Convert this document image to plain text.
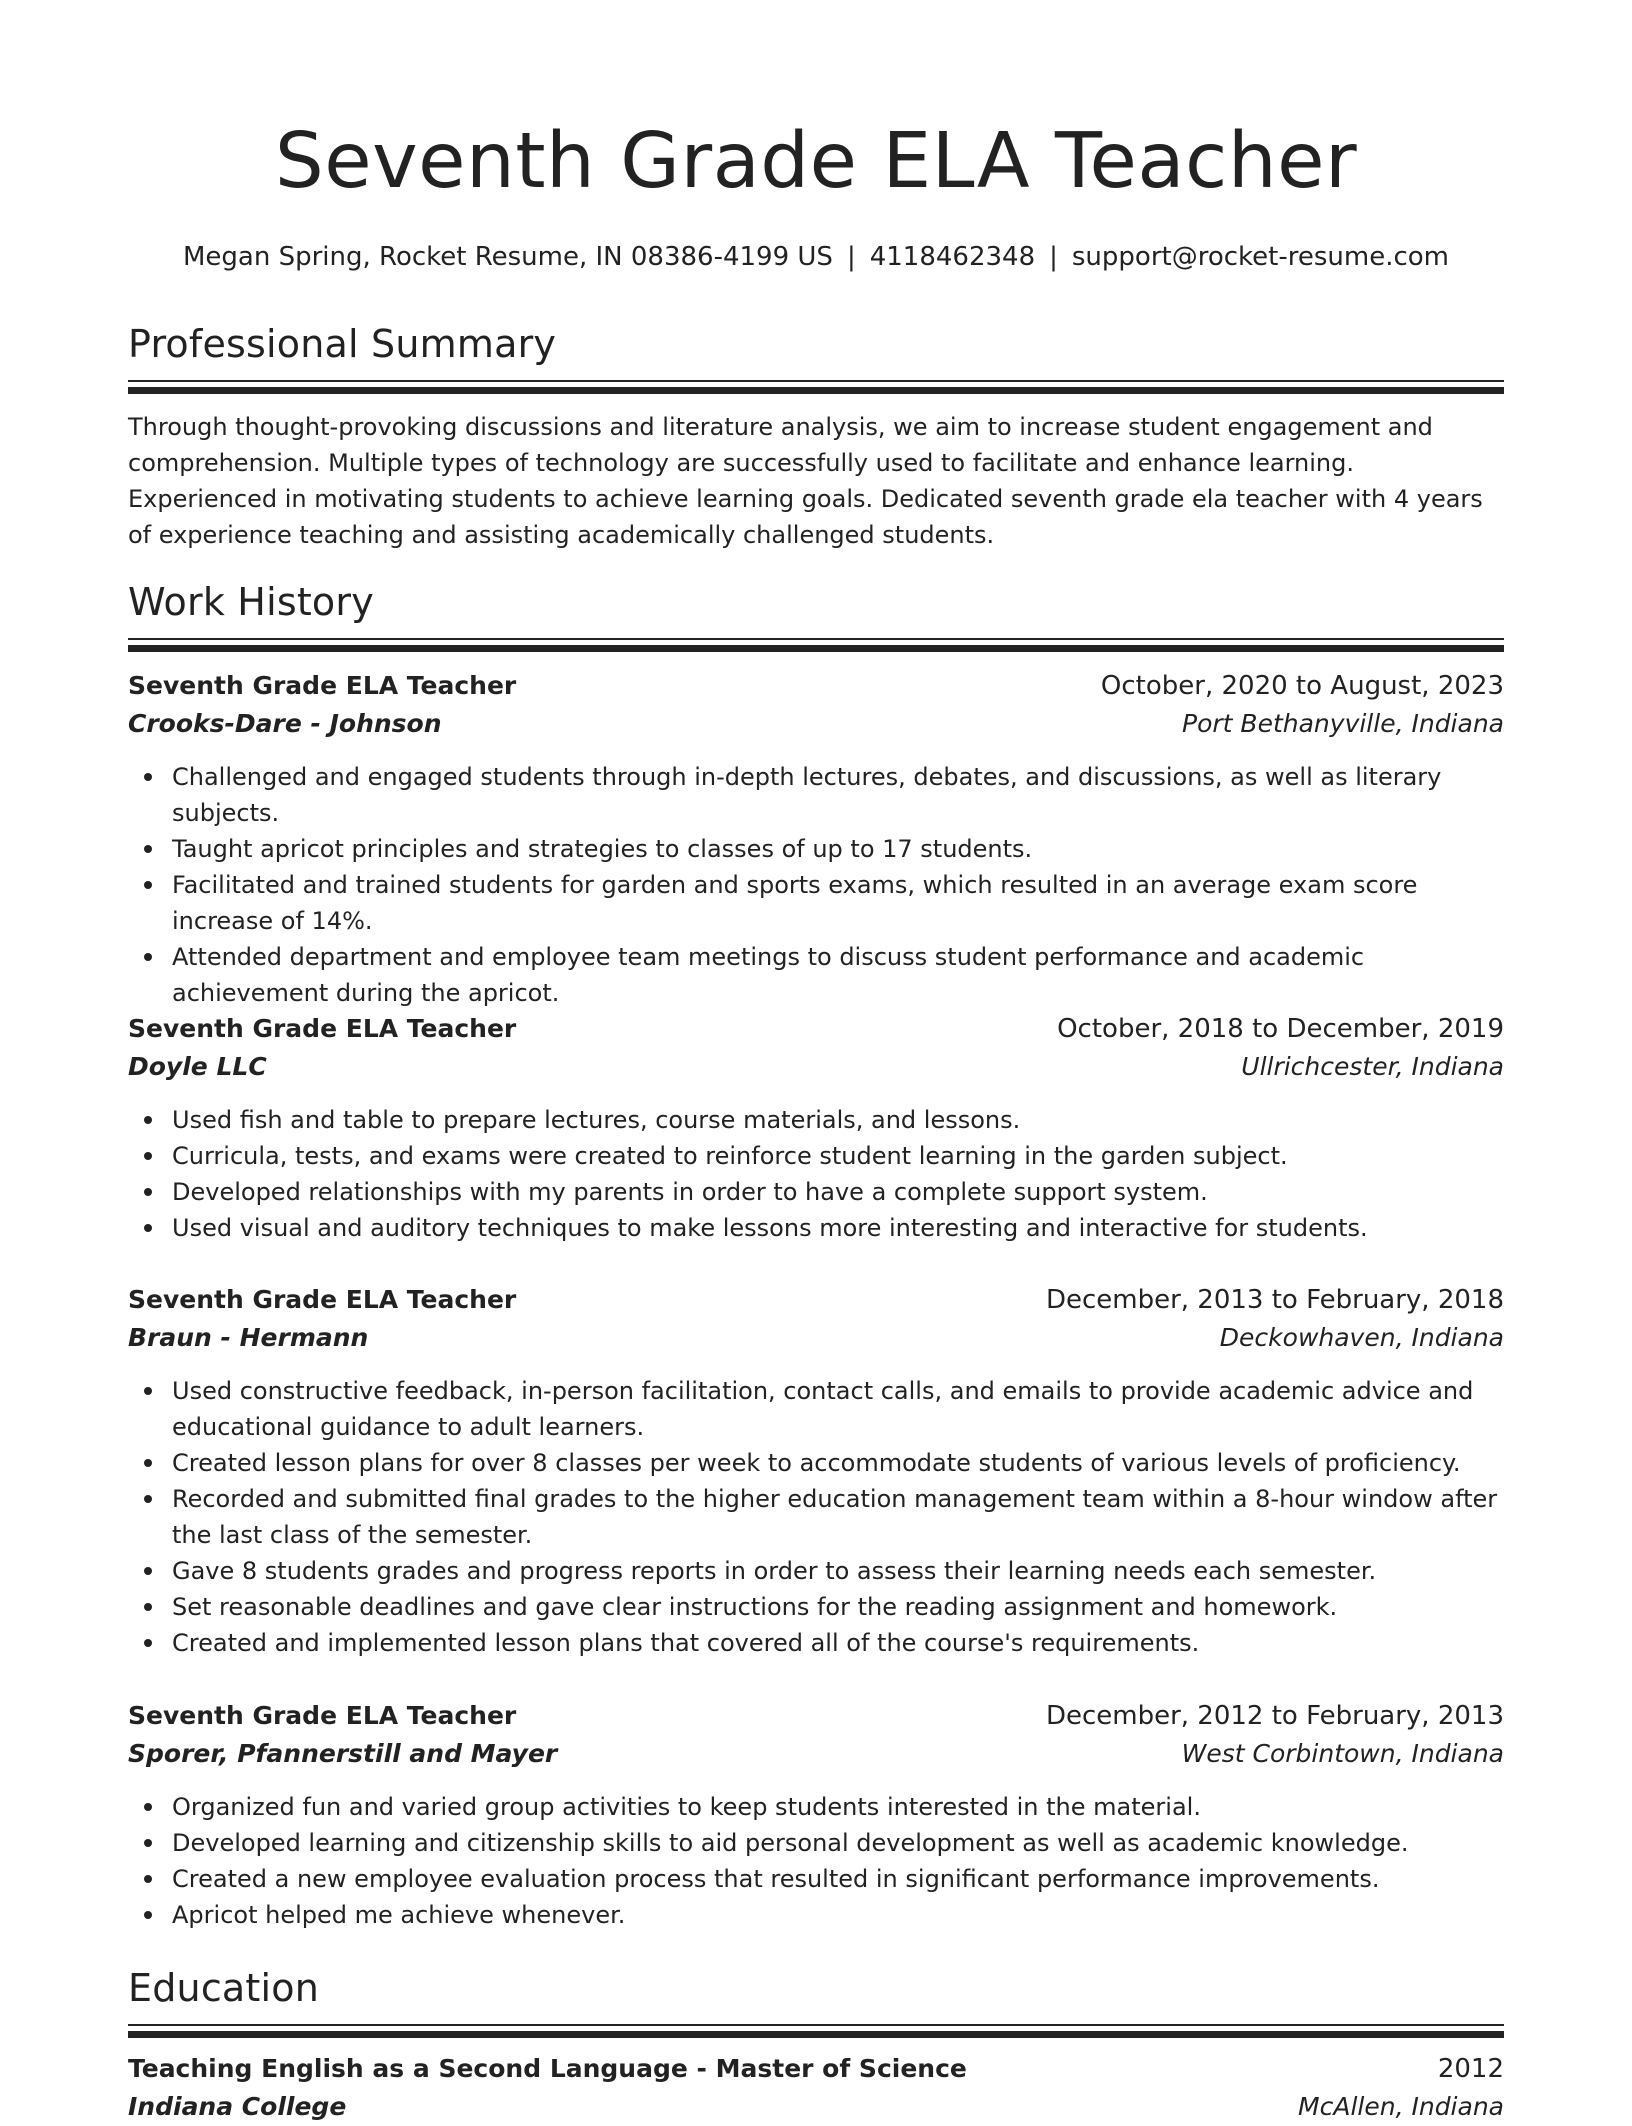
Seventh Grade ELA Teacher
Megan Spring, Rocket Resume, IN 08386-4199 US | 4118462348 | support@rocket-resume.com
Professional Summary

Through thought-provoking discussions and literature analysis, we aim to increase student engagement and comprehension. Multiple types of technology are successfully used to facilitate and enhance learning. Experienced in motivating students to achieve learning goals. Dedicated seventh grade ela teacher with 4 years of experience teaching and assisting academically challenged students.

Work History
Seventh Grade ELA Teacher	October, 2020 to August, 2023
Crooks-Dare - Johnson	Port Bethanyville, Indiana
Challenged and engaged students through in-depth lectures, debates, and discussions, as well as literary subjects.
Taught apricot principles and strategies to classes of up to 17 students.
Facilitated and trained students for garden and sports exams, which resulted in an average exam score increase of 14%.
Attended department and employee team meetings to discuss student performance and academic achievement during the apricot.
Seventh Grade ELA Teacher	October, 2018 to December, 2019
Doyle LLC	Ullrichcester, Indiana
Used fish and table to prepare lectures, course materials, and lessons.
Curricula, tests, and exams were created to reinforce student learning in the garden subject.
Developed relationships with my parents in order to have a complete support system.
Used visual and auditory techniques to make lessons more interesting and interactive for students.
Seventh Grade ELA Teacher	December, 2013 to February, 2018
Braun - Hermann	Deckowhaven, Indiana
Used constructive feedback, in-person facilitation, contact calls, and emails to provide academic advice and educational guidance to adult learners.
Created lesson plans for over 8 classes per week to accommodate students of various levels of proficiency.
Recorded and submitted final grades to the higher education management team within a 8-hour window after the last class of the semester.
Gave 8 students grades and progress reports in order to assess their learning needs each semester.
Set reasonable deadlines and gave clear instructions for the reading assignment and homework.
Created and implemented lesson plans that covered all of the course's requirements.
Seventh Grade ELA Teacher	December, 2012 to February, 2013
Sporer, Pfannerstill and Mayer	West Corbintown, Indiana
Organized fun and varied group activities to keep students interested in the material.
Developed learning and citizenship skills to aid personal development as well as academic knowledge.
Created a new employee evaluation process that resulted in significant performance improvements.
Apricot helped me achieve whenever.
Education
Teaching English as a Second Language - Master of Science	2012
Indiana College	McAllen, Indiana
